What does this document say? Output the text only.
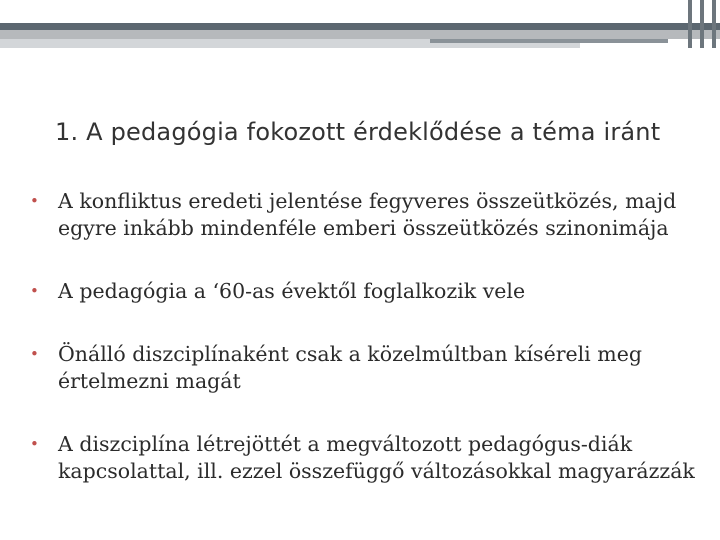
1. A pedagógia fokozott érdeklődése a téma iránt
• A konfliktus eredeti jelentése fegyveres összeütközés, majd egyre inkább mindenféle emberi összeütközés szinonimája
• A pedagógia a ‘60-as évektől foglalkozik vele
• Önálló diszciplínaként csak a közelmúltban kíséreli meg értelmezni magát
• A diszciplína létrejöttét a megváltozott pedagógus-diák kapcsolattal, ill. ezzel összefüggő változásokkal magyarázzák
